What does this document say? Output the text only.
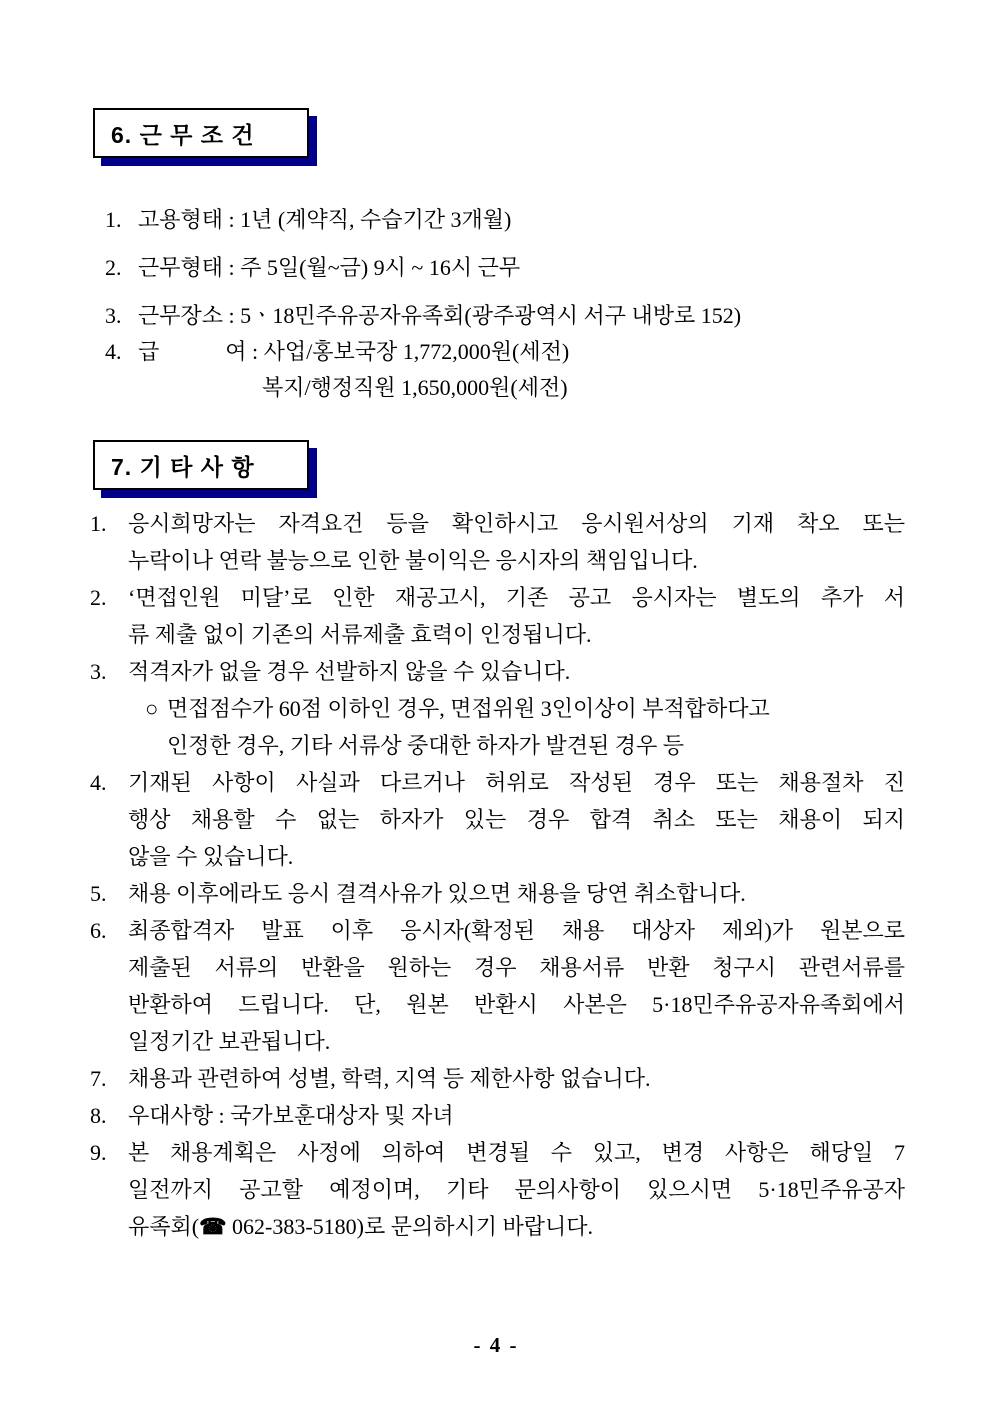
6. 근 무 조 건
1. 고용형태 : 1년 (계약직, 수습기간 3개월)
2. 근무형태 : 주 5일(월~금) 9시 ~ 16시 근무
3. 근무장소 : 5ㆍ18민주유공자유족회(광주광역시 서구 내방로 152)
4. 급　　　여 : 사업/홍보국장 1,772,000원(세전)
복지/행정직원 1,650,000원(세전)
7. 기 타 사 항
1. 응시희망자는 자격요건 등을 확인하시고 응시원서상의 기재 착오 또는
누락이나 연락 불능으로 인한 불이익은 응시자의 책임입니다.
2. ‘면접인원 미달’로 인한 재공고시, 기존 공고 응시자는 별도의 추가 서
류 제출 없이 기존의 서류제출 효력이 인정됩니다.
3. 적격자가 없을 경우 선발하지 않을 수 있습니다.
○ 면접점수가 60점 이하인 경우, 면접위원 3인이상이 부적합하다고
인정한 경우, 기타 서류상 중대한 하자가 발견된 경우 등
4. 기재된 사항이 사실과 다르거나 허위로 작성된 경우 또는 채용절차 진
행상 채용할 수 없는 하자가 있는 경우 합격 취소 또는 채용이 되지
않을 수 있습니다.
5. 채용 이후에라도 응시 결격사유가 있으면 채용을 당연 취소합니다.
6. 최종합격자 발표 이후 응시자(확정된 채용 대상자 제외)가 원본으로
제출된 서류의 반환을 원하는 경우 채용서류 반환 청구시 관련서류를
반환하여 드립니다. 단, 원본 반환시 사본은 5·18민주유공자유족회에서
일정기간 보관됩니다.
7. 채용과 관련하여 성별, 학력, 지역 등 제한사항 없습니다.
8. 우대사항 : 국가보훈대상자 및 자녀
9. 본 채용계획은 사정에 의하여 변경될 수 있고, 변경 사항은 해당일 7
일전까지 공고할 예정이며, 기타 문의사항이 있으시면 5·18민주유공자
유족회(☎ 062-383-5180)로 문의하시기 바랍니다.
- 4 -
